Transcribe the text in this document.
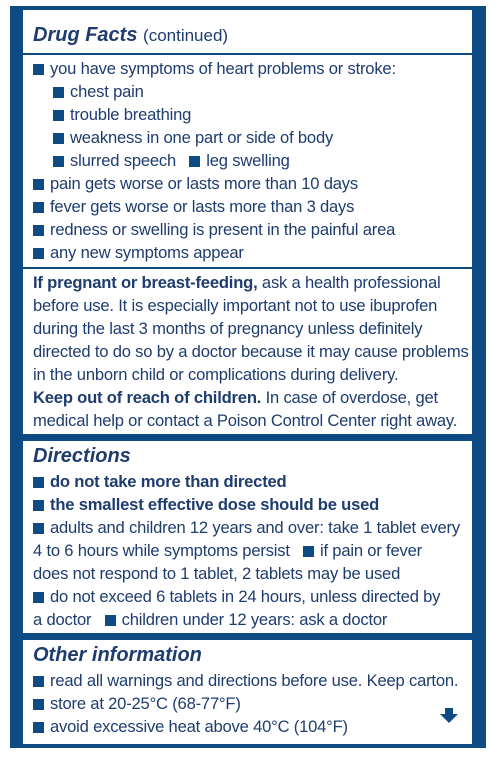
Drug Facts (continued)
you have symptoms of heart problems or stroke:
chest pain
trouble breathing
weakness in one part or side of body
slurred speech leg swelling
pain gets worse or lasts more than 10 days
fever gets worse or lasts more than 3 days
redness or swelling is present in the painful area
any new symptoms appear
If pregnant or breast-feeding, ask a health professional
before use. It is especially important not to use ibuprofen
during the last 3 months of pregnancy unless definitely
directed to do so by a doctor because it may cause problems
in the unborn child or complications during delivery.
Keep out of reach of children. In case of overdose, get
medical help or contact a Poison Control Center right away.
Directions
do not take more than directed
the smallest effective dose should be used
adults and children 12 years and over: take 1 tablet every
4 to 6 hours while symptoms persist if pain or fever
does not respond to 1 tablet, 2 tablets may be used
do not exceed 6 tablets in 24 hours, unless directed by
a doctor children under 12 years: ask a doctor
Other information
read all warnings and directions before use. Keep carton.
store at 20-25°C (68-77°F)
avoid excessive heat above 40°C (104°F)
